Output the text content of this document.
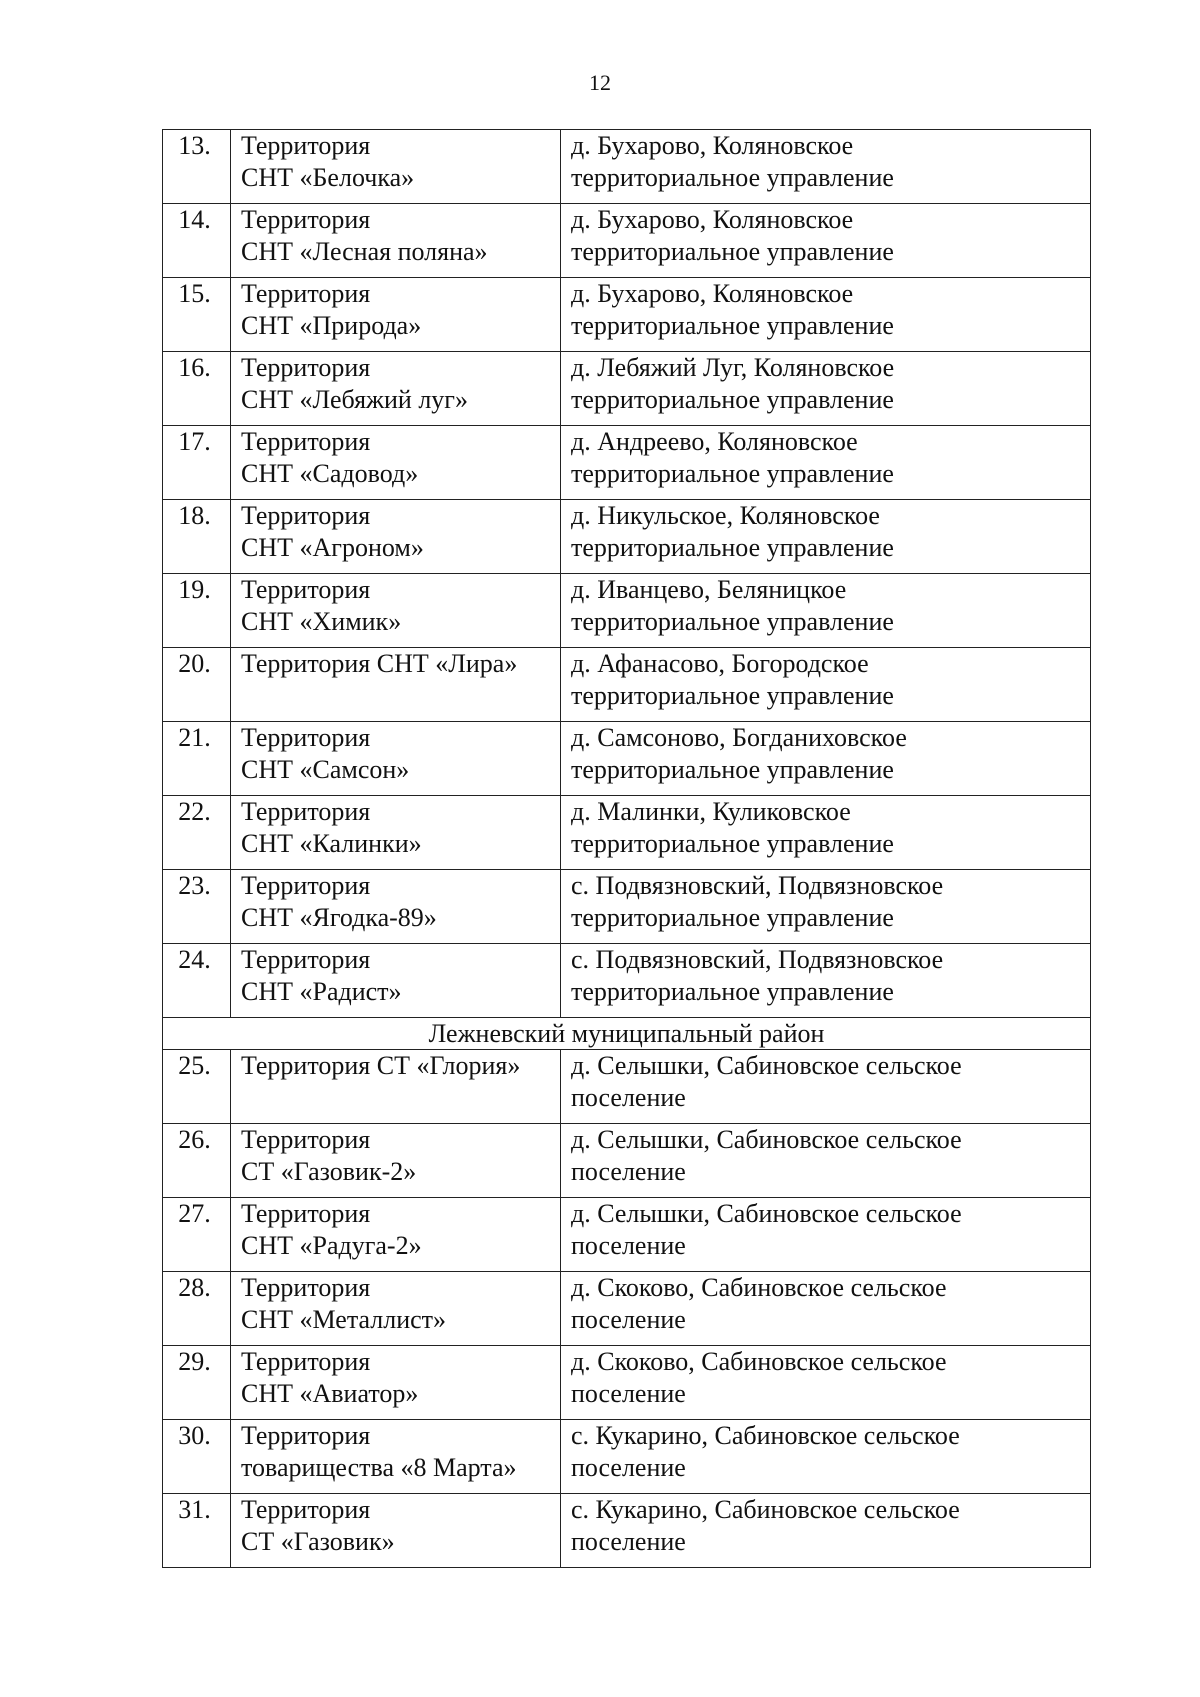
12
13.	Территория
СНТ «Белочка»	д. Бухарово, Коляновское
территориальное управление

14.	Территория
СНТ «Лесная поляна»	д. Бухарово, Коляновское
территориальное управление

15.	Территория
СНТ «Природа»	д. Бухарово, Коляновское
территориальное управление

16.	Территория
СНТ «Лебяжий луг»	д. Лебяжий Луг, Коляновское
территориальное управление

17.	Территория
СНТ «Садовод»	д. Андреево, Коляновское
территориальное управление

18.	Территория
СНТ «Агроном»	д. Никульское, Коляновское
территориальное управление

19.	Территория
СНТ «Химик»	д. Иванцево, Беляницкое
территориальное управление

20.	Территория СНТ «Лира»	д. Афанасово, Богородское
территориальное управление

21.	Территория
СНТ «Самсон»	д. Самсоново, Богданиховское
территориальное управление

22.	Территория
СНТ «Калинки»	д. Малинки, Куликовское
территориальное управление

23.	Территория
СНТ «Ягодка-89»	с. Подвязновский, Подвязновское
территориальное управление

24.	Территория
СНТ «Радист»	с. Подвязновский, Подвязновское
территориальное управление

Лежневский муниципальный район		
25.	Территория СТ «Глория»	д. Селышки, Сабиновское сельское
поселение

26.	Территория
СТ «Газовик-2»	д. Селышки, Сабиновское сельское
поселение

27.	Территория
СНТ «Радуга-2»	д. Селышки, Сабиновское сельское
поселение

28.	Территория
СНТ «Металлист»	д. Скоково, Сабиновское сельское
поселение

29.	Территория
СНТ «Авиатор»	д. Скоково, Сабиновское сельское
поселение

30.	Территория
товарищества «8 Марта»	с. Кукарино, Сабиновское сельское
поселение

31.	Территория
СТ «Газовик»	с. Кукарино, Сабиновское сельское
поселение
